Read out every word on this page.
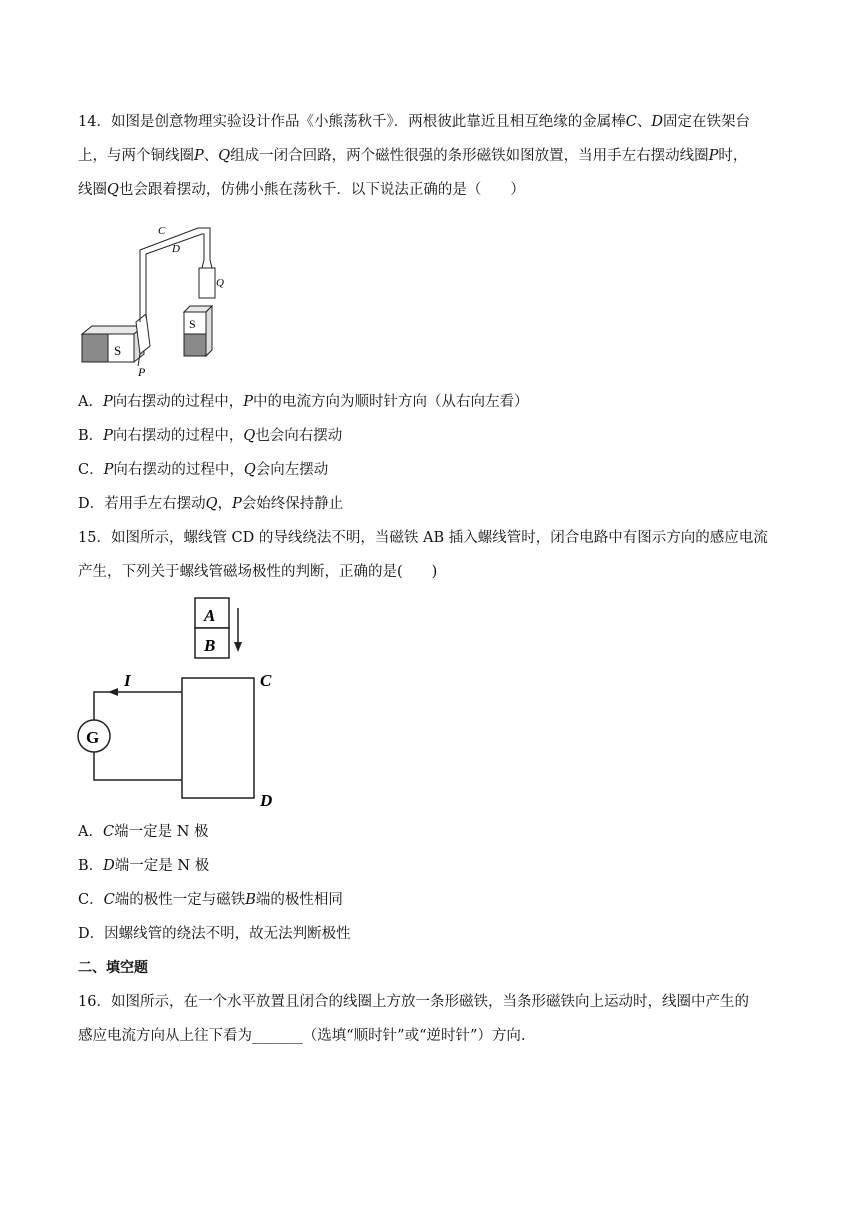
14．如图是创意物理实验设计作品《小熊荡秋千》．两根彼此靠近且相互绝缘的金属棒C、D固定在铁架台
上，与两个铜线圈P、Q组成一闭合回路，两个磁性很强的条形磁铁如图放置，当用手左右摆动线圈P时，
线圈Q也会跟着摆动，仿佛小熊在荡秋千．以下说法正确的是（　　）
S
P
C
D
Q
S
A．P向右摆动的过程中，P中的电流方向为顺时针方向（从右向左看）
B．P向右摆动的过程中，Q也会向右摆动
C．P向右摆动的过程中，Q会向左摆动
D．若用手左右摆动Q，P会始终保持静止
15．如图所示，螺线管 CD 的导线绕法不明，当磁铁 AB 插入螺线管时，闭合电路中有图示方向的感应电流
产生，下列关于螺线管磁场极性的判断，正确的是(　　)
A
B
C
D
I
G
A．C端一定是 N 极
B．D端一定是 N 极
C．C端的极性一定与磁铁B端的极性相同
D．因螺线管的绕法不明，故无法判断极性
二、填空题
16．如图所示，在一个水平放置且闭合的线圈上方放一条形磁铁，当条形磁铁向上运动时，线圈中产生的
感应电流方向从上往下看为_______（选填“顺时针”或“逆时针”）方向.
